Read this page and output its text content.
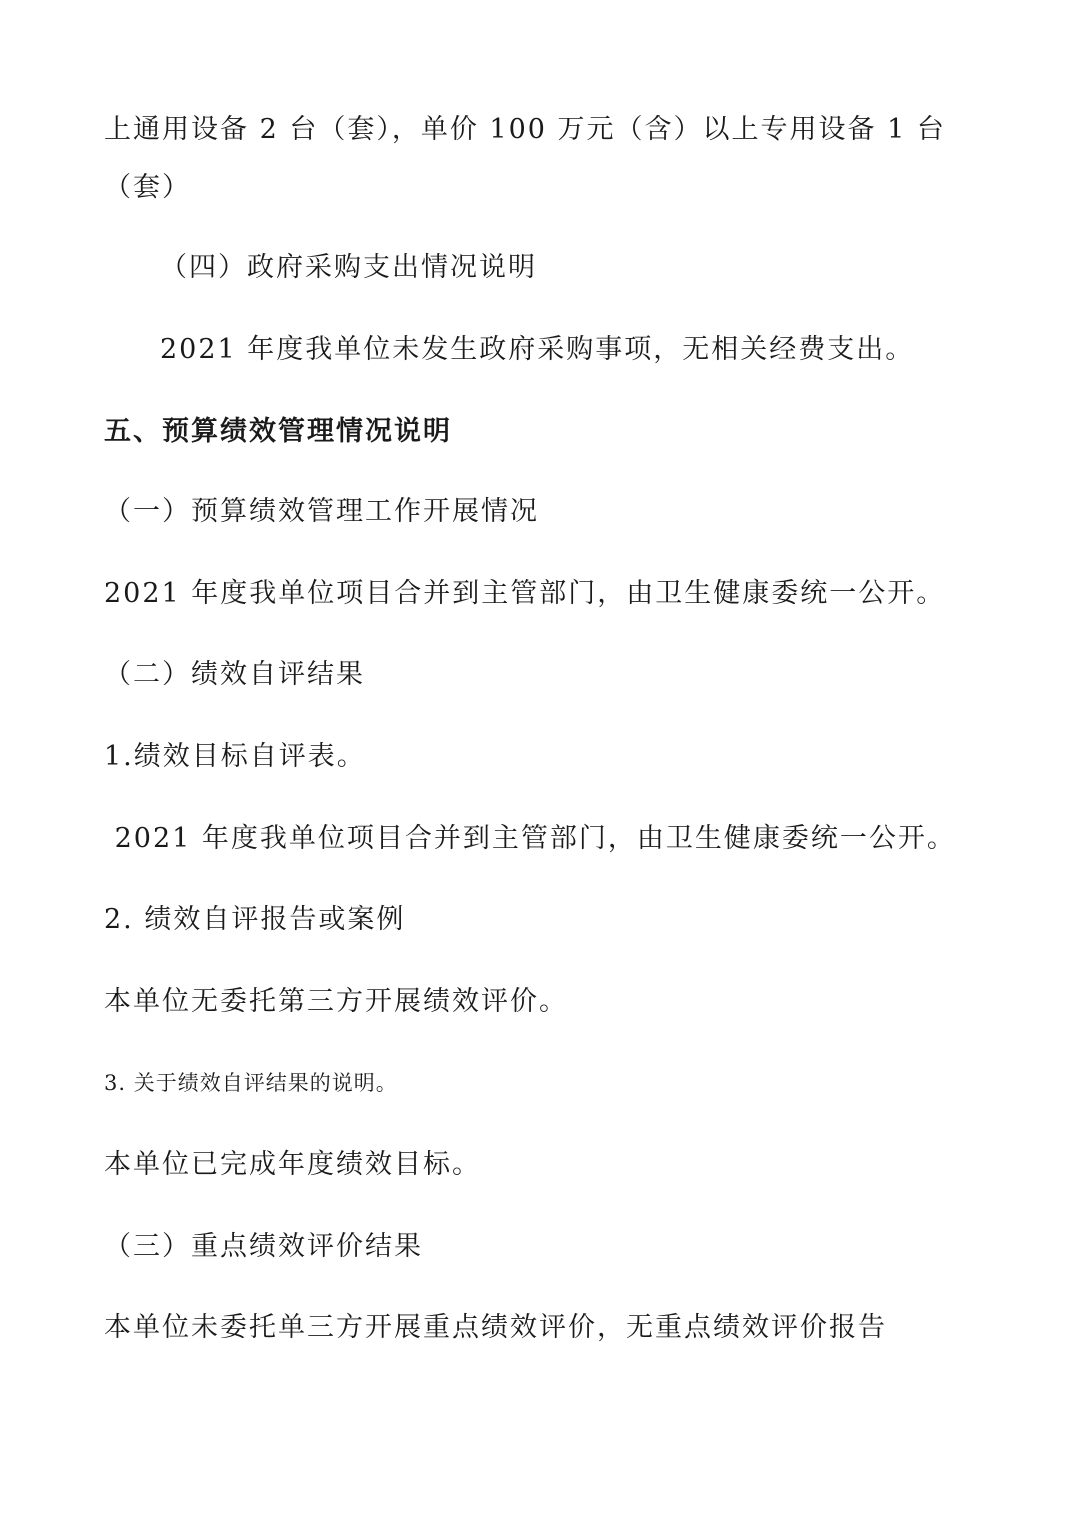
上通用设备 2 台（套），单价 100 万元（含）以上专用设备 1 台
（套）
（四）政府采购支出情况说明
2021 年度我单位未发生政府采购事项，无相关经费支出。
五、预算绩效管理情况说明
（一）预算绩效管理工作开展情况
2021 年度我单位项目合并到主管部门，由卫生健康委统一公开。
（二）绩效自评结果
1.绩效目标自评表。
2021 年度我单位项目合并到主管部门，由卫生健康委统一公开。
2. 绩效自评报告或案例
本单位无委托第三方开展绩效评价。
3. 关于绩效自评结果的说明。
本单位已完成年度绩效目标。
（三）重点绩效评价结果
本单位未委托单三方开展重点绩效评价，无重点绩效评价报告
